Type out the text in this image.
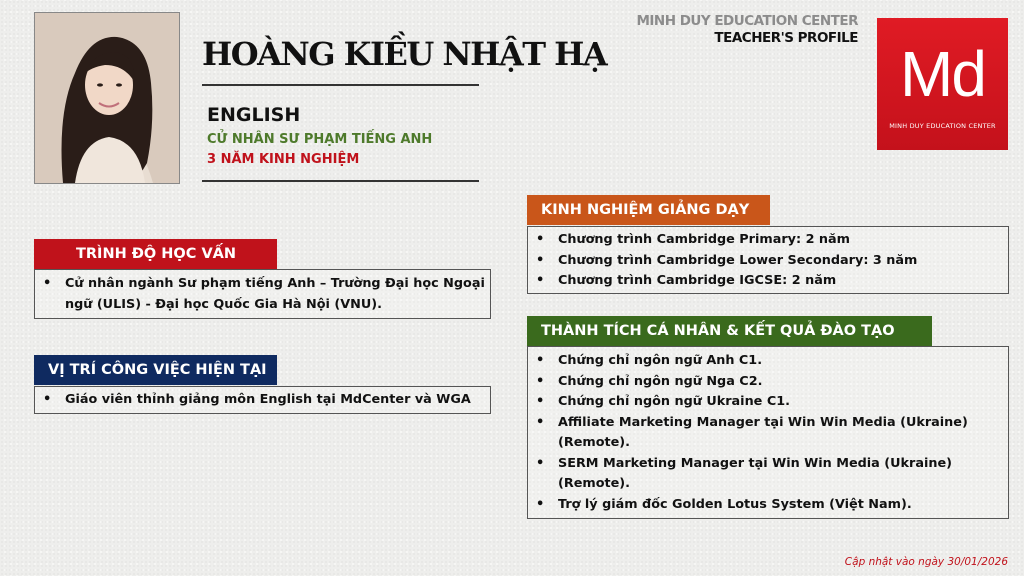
HOÀNG KIỀU NHẬT HẠ
ENGLISH
CỬ NHÂN SƯ PHẠM TIẾNG ANH
3 NĂM KINH NGHIỆM
MINH DUY EDUCATION CENTER
TEACHER'S PROFILE Md
MINH DUY EDUCATION CENTER
TRÌNH ĐỘ HỌC VẤN
• Cử nhân ngành Sư phạm tiếng Anh – Trường Đại học Ngoại ngữ (ULIS) - Đại học Quốc Gia Hà Nội (VNU).
VỊ TRÍ CÔNG VIỆC HIỆN TẠI
• Giáo viên thỉnh giảng môn English tại MdCenter và WGA
KINH NGHIỆM GIẢNG DẠY
• Chương trình Cambridge Primary: 2 năm
• Chương trình Cambridge Lower Secondary: 3 năm
• Chương trình Cambridge IGCSE: 2 năm
THÀNH TÍCH CÁ NHÂN & KẾT QUẢ ĐÀO TẠO
• Chứng chỉ ngôn ngữ Anh C1.
• Chứng chỉ ngôn ngữ Nga C2.
• Chứng chỉ ngôn ngữ Ukraine C1.
• Affiliate Marketing Manager tại Win Win Media (Ukraine) (Remote).
• SERM Marketing Manager tại Win Win Media (Ukraine) (Remote).
• Trợ lý giám đốc Golden Lotus System (Việt Nam).
Cập nhật vào ngày 30/01/2026
